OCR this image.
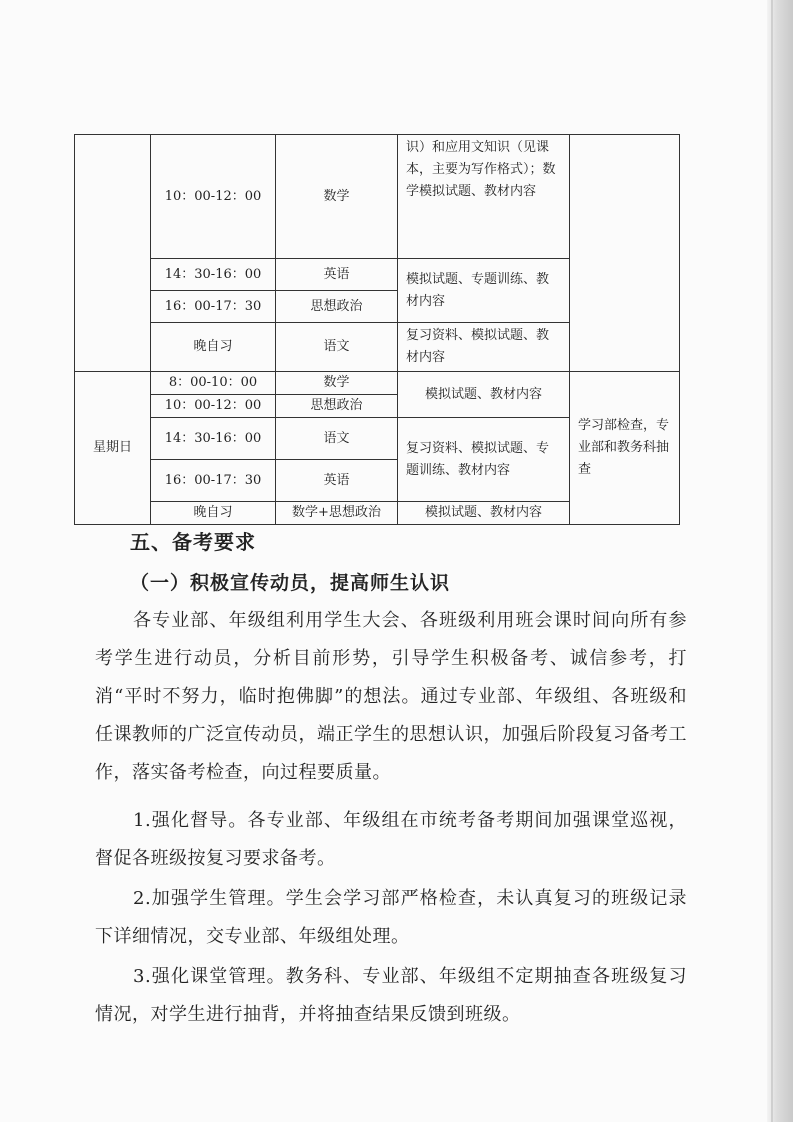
	10：00-12：00	数学	识）和应用文知识（见课本，主要为写作格式）；数学模拟试题、教材内容	
	14：30-16：00	英语	模拟试题、专题训练、教材内容	
	16：00-17：30	思想政治		
	晚自习	语文	复习资料、模拟试题、教材内容	
星期日	8：00-10：00	数学	模拟试题、教材内容	学习部检查，专业部和教务科抽查
	10：00-12：00	思想政治		
	14：30-16：00	语文	复习资料、模拟试题、专题训练、教材内容	
	16：00-17：30	英语		
	晚自习	数学+思想政治	模拟试题、教材内容	
五、备考要求
（一）积极宣传动员，提高师生认识
各专业部、年级组利用学生大会、各班级利用班会课时间向所有参考学生进行动员，分析目前形势，引导学生积极备考、诚信参考，打消“平时不努力，临时抱佛脚”的想法。通过专业部、年级组、各班级和任课教师的广泛宣传动员，端正学生的思想认识，加强后阶段复习备考工作，落实备考检查，向过程要质量。
1.强化督导。各专业部、年级组在市统考备考期间加强课堂巡视，督促各班级按复习要求备考。
2.加强学生管理。学生会学习部严格检查，未认真复习的班级记录下详细情况，交专业部、年级组处理。
3.强化课堂管理。教务科、专业部、年级组不定期抽查各班级复习情况，对学生进行抽背，并将抽查结果反馈到班级。
